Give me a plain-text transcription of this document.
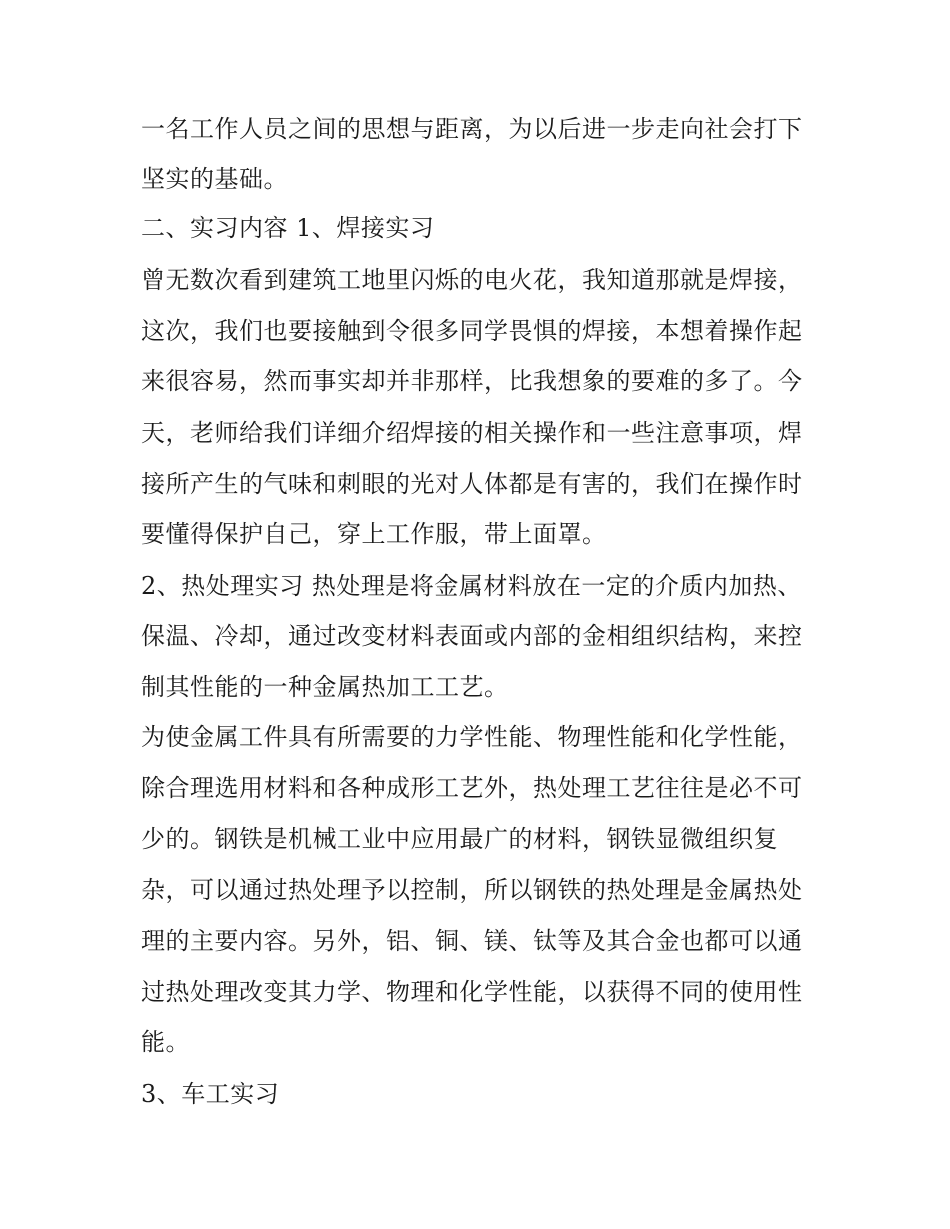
一名工作人员之间的思想与距离，为以后进一步走向社会打下
坚实的基础。
二、实习内容 1、焊接实习
曾无数次看到建筑工地里闪烁的电火花，我知道那就是焊接，
这次，我们也要接触到令很多同学畏惧的焊接，本想着操作起
来很容易，然而事实却并非那样，比我想象的要难的多了。今
天，老师给我们详细介绍焊接的相关操作和一些注意事项，焊
接所产生的气味和刺眼的光对人体都是有害的，我们在操作时
要懂得保护自己，穿上工作服，带上面罩。
2、热处理实习 热处理是将金属材料放在一定的介质内加热、
保温、冷却，通过改变材料表面或内部的金相组织结构，来控
制其性能的一种金属热加工工艺。
为使金属工件具有所需要的力学性能、物理性能和化学性能，
除合理选用材料和各种成形工艺外，热处理工艺往往是必不可
少的。钢铁是机械工业中应用最广的材料，钢铁显微组织复
杂，可以通过热处理予以控制，所以钢铁的热处理是金属热处
理的主要内容。另外，铝、铜、镁、钛等及其合金也都可以通
过热处理改变其力学、物理和化学性能，以获得不同的使用性
能。
3、车工实习
